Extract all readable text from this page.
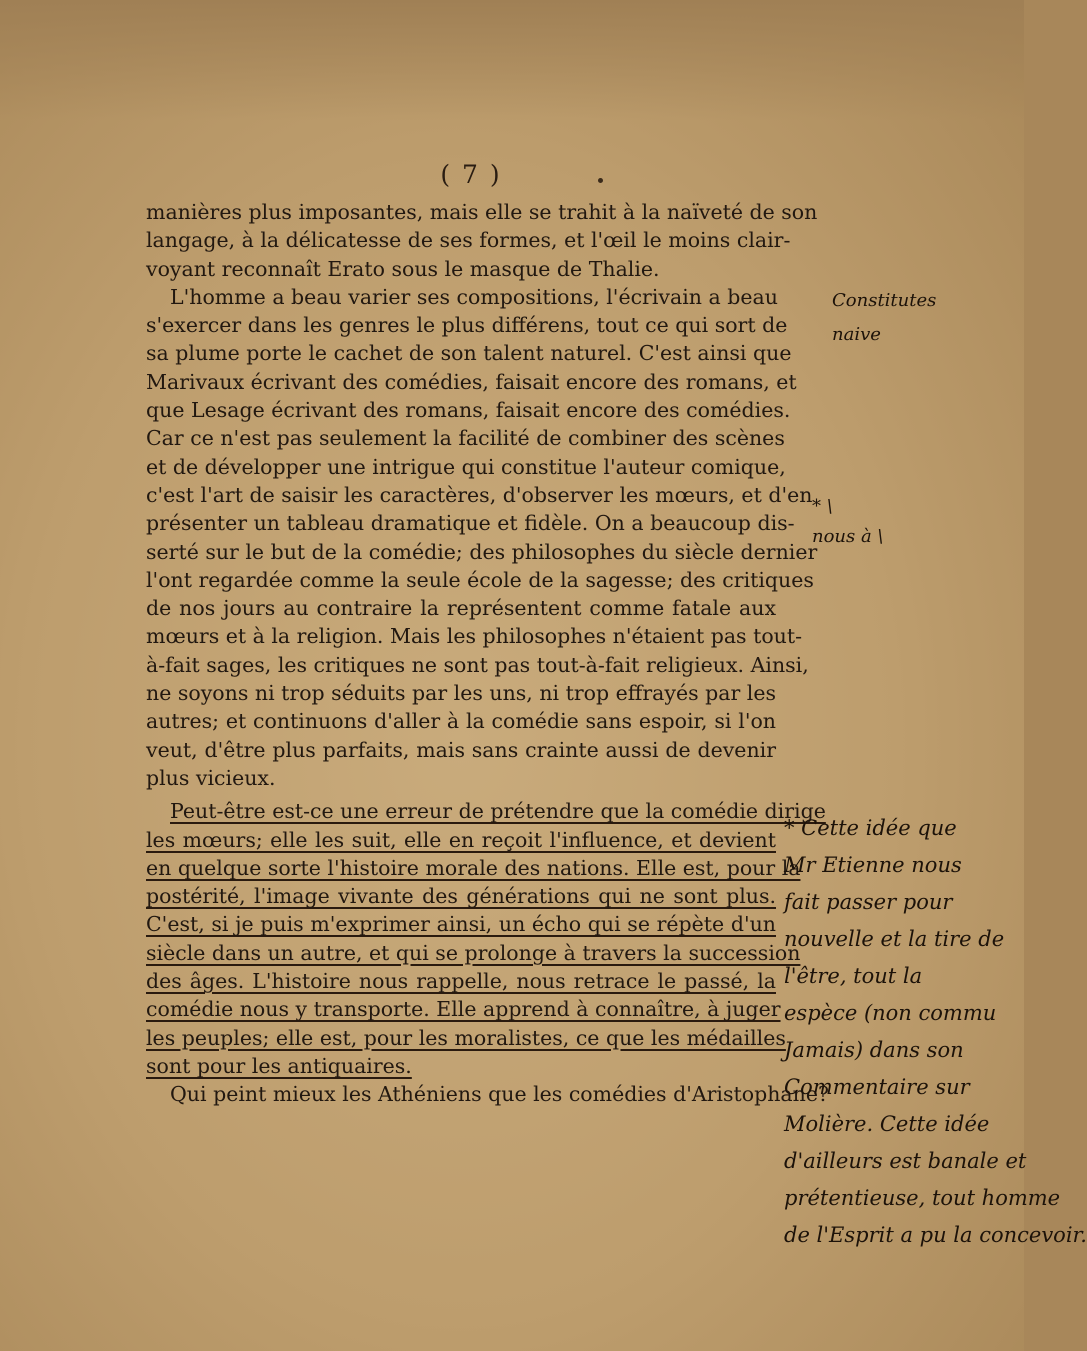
( 7 )
manières plus imposantes, mais elle se trahit à la naïveté de son
langage, à la délicatesse de ses formes, et l'œil le moins clair-
voyant reconnaît Erato sous le masque de Thalie.
L'homme a beau varier ses compositions, l'écrivain a beau
s'exercer dans les genres le plus différens, tout ce qui sort de
sa plume porte le cachet de son talent naturel. C'est ainsi que
Marivaux écrivant des comédies, faisait encore des romans, et
que Lesage écrivant des romans, faisait encore des comédies.
Car ce n'est pas seulement la facilité de combiner des scènes
et de développer une intrigue qui constitue l'auteur comique,
c'est l'art de saisir les caractères, d'observer les mœurs, et d'en
présenter un tableau dramatique et fidèle. On a beaucoup dis-
serté sur le but de la comédie; des philosophes du siècle dernier
l'ont regardée comme la seule école de la sagesse; des critiques
de nos jours au contraire la représentent comme fatale aux
mœurs et à la religion. Mais les philosophes n'étaient pas tout-
à-fait sages, les critiques ne sont pas tout-à-fait religieux. Ainsi,
ne soyons ni trop séduits par les uns, ni trop effrayés par les
autres; et continuons d'aller à la comédie sans espoir, si l'on
veut, d'être plus parfaits, mais sans crainte aussi de devenir
plus vicieux.
Peut-être est-ce une erreur de prétendre que la comédie dirige
les mœurs; elle les suit, elle en reçoit l'influence, et devient
en quelque sorte l'histoire morale des nations. Elle est, pour la
postérité, l'image vivante des générations qui ne sont plus.
C'est, si je puis m'exprimer ainsi, un écho qui se répète d'un
siècle dans un autre, et qui se prolonge à travers la succession
des âges. L'histoire nous rappelle, nous retrace le passé, la
comédie nous y transporte. Elle apprend à connaître, à juger
les peuples; elle est, pour les moralistes, ce que les médailles
sont pour les antiquaires.
Qui peint mieux les Athéniens que les comédies d'Aristophane?
Constitutes
naive
* \
nous à \
* Cette idée que
Mr Etienne nous
fait passer pour
nouvelle et la tire de
l'être, tout la
espèce (non commu
Jamais) dans son
Commentaire sur
Molière. Cette idée
d'ailleurs est banale et
prétentieuse, tout homme
de l'Esprit a pu la concevoir.
